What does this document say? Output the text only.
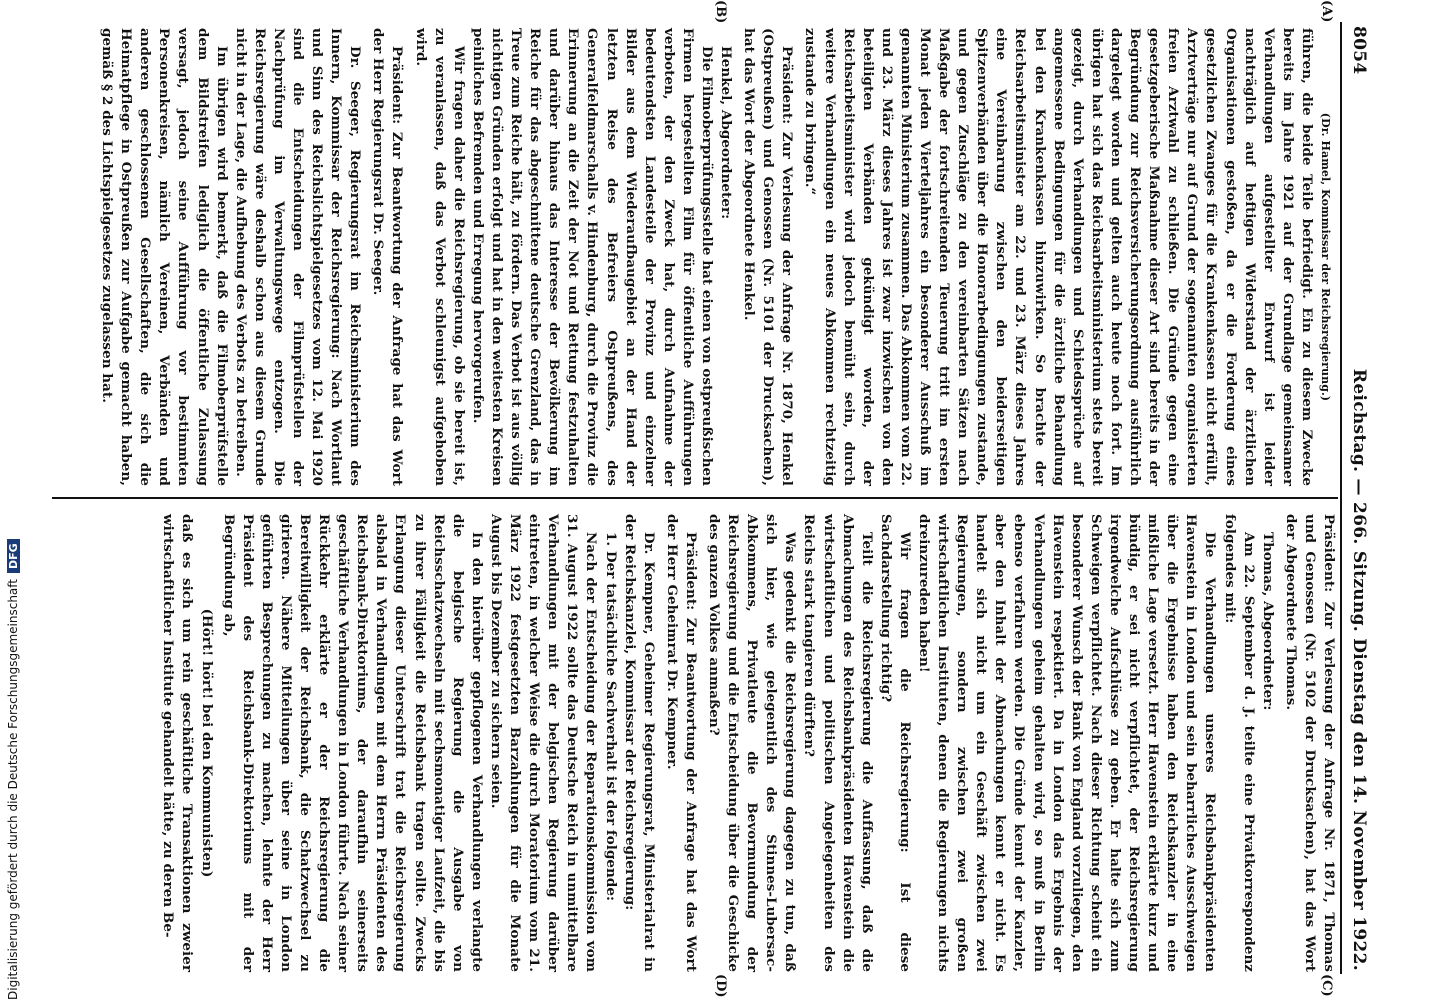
8054
Reichstag. — 266. Sitzung. Dienstag den 14. November 1922.
(A)
(B)
(C)
(D)

(Dr. Hamel, Kommissar der Reichsregierung.)

führen, die beide Teile befriedigt. Ein zu diesem Zwecke bereits im Jahre 1921 auf der Grundlage gemeinsamer Verhandlungen aufgestellter Entwurf ist leider nachträglich auf heftigen Widerstand der ärztlichen Organisationen gestoßen, da er die Forderung eines gesetzlichen Zwanges für die Krankenkassen nicht erfüllt, Arztverträge nur auf Grund der sogenannten organisierten freien Arztwahl zu schließen. Die Gründe gegen eine gesetzgeberische Maßnahme dieser Art sind bereits in der Begründung zur Reichsversicherungsordnung ausführlich dargelegt worden und gelten auch heute noch fort. Im übrigen hat sich das Reichsarbeitsministerium stets bereit gezeigt, durch Verhandlungen und Schiedssprüche auf angemessene Bedingungen für die ärztliche Behandlung bei den Krankenkassen hinzuwirken. So brachte der Reichsarbeitsminister am 22. und 23. März dieses Jahres eine Vereinbarung zwischen den beiderseitigen Spitzenverbänden über die Honorarbedingungen zustande, und gegen Zuschläge zu den vereinbarten Sätzen nach Maßgabe der fortschreitenden Teuerung tritt im ersten Monat jeden Vierteljahres ein besonderer Ausschuß im genannten Ministerium zusammen. Das Abkommen vom 22. und 23. März dieses Jahres ist zwar inzwischen von den beteiligten Verbänden gekündigt worden, der Reichsarbeitsminister wird jedoch bemüht sein, durch weitere Verhandlungen ein neues Abkommen rechtzeitig zustande zu bringen.“

Präsident: Zur Verlesung der Anfrage Nr. 1870, Henkel (Ostpreußen) und Genossen (Nr. 5101 der Drucksachen), hat das Wort der Abgeordnete Henkel.

Henkel, Abgeordneter:

Die Filmoberprüfungsstelle hat einen von ostpreußischen Firmen hergestellten Film für öffentliche Aufführungen verboten, der den Zweck hat, durch Aufnahme der bedeutendsten Landesteile der Provinz und einzelner Bilder aus dem Wiederaufbaugebiet an der Hand der letzten Reise des Befreiers Ostpreußens, des Generalfeldmarschalls v. Hindenburg, durch die Provinz die Erinnerung an die Zeit der Not und Rettung festzuhalten und darüber hinaus das Interesse der Bevölkerung im Reiche für das abgeschnittene deutsche Grenzland, das in Treue zum Reiche hält, zu fördern. Das Verbot ist aus völlig nichtigen Gründen erfolgt und hat in den weitesten Kreisen peinliches Befremden und Erregung hervorgerufen.

Wir fragen daher die Reichsregierung, ob sie bereit ist, zu veranlassen, daß das Verbot schleunigst aufgehoben wird.

Präsident: Zur Beantwortung der Anfrage hat das Wort der Herr Regierungsrat Dr. Seeger.

Dr. Seeger, Regierungsrat im Reichsministerium des Innern, Kommissar der Reichsregierung: Nach Wortlaut und Sinn des Reichslichtspielgesetzes vom 12. Mai 1920 sind die Entscheidungen der Filmprüfstellen der Nachprüfung im Verwaltungswege entzogen. Die Reichsregierung wäre deshalb schon aus diesem Grunde nicht in der Lage, die Aufhebung des Verbots zu betreiben.

Im übrigen wird bemerkt, daß die Filmoberprüfstelle dem Bildstreifen lediglich die öffentliche Zulassung versagt, jedoch seine Aufführung vor bestimmten Personenkreisen, nämlich Vereinen, Verbänden und anderen geschlossenen Gesellschaften, die sich die Heimatpflege in Ostpreußen zur Aufgabe gemacht haben, gemäß § 2 des Lichtspielgesetzes zugelassen hat.

Präsident: Zur Verlesung der Anfrage Nr. 1871, Thomas und Genossen (Nr. 5102 der Drucksachen), hat das Wort der Abgeordnete Thomas.

Thomas, Abgeordneter:

Am 22. September d. J. teilte eine Privatkorrespondenz folgendes mit:

Die Verhandlungen unseres Reichsbankpräsidenten Havenstein in London und sein beharrliches Ausschweigen über die Ergebnisse haben den Reichskanzler in eine mißliche Lage versetzt. Herr Havenstein erklärte kurz und bündig, er sei nicht verpflichtet, der Reichsregierung irgendwelche Aufschlüsse zu geben. Er halte sich zum Schweigen verpflichtet. Nach dieser Richtung scheint ein besonderer Wunsch der Bank von England vorzuliegen, den Havenstein respektiert. Da in London das Ergebnis der Verhandlungen geheim gehalten wird, so muß in Berlin ebenso verfahren werden. Die Gründe kennt der Kanzler, aber den Inhalt der Abmachungen kennt er nicht. Es handelt sich nicht um ein Geschäft zwischen zwei Regierungen, sondern zwischen zwei großen wirtschaftlichen Instituten, denen die Regierungen nichts dreinzureden haben!

Wir fragen die Reichsregierung: Ist diese Sachdarstellung richtig?

Teilt die Reichsregierung die Auffassung, daß die Abmachungen des Reichsbankpräsidenten Havenstein die wirtschaftlichen und politischen Angelegenheiten des Reichs stark tangieren dürften?

Was gedenkt die Reichsregierung dagegen zu tun, daß sich hier, wie gelegentlich des Stinnes-Lubersac-Abkommens, Privatleute die Bevormundung der Reichsregierung und die Entscheidung über die Geschicke des ganzen Volkes anmaßen?

Präsident: Zur Beantwortung der Anfrage hat das Wort der Herr Geheimrat Dr. Kempner.

Dr. Kempner, Geheimer Regierungsrat, Ministerialrat in der Reichskanzlei, Kommissar der Reichsregierung:

1. Der tatsächliche Sachverhalt ist der folgende:

Nach der Entscheidung der Reparationskommission vom 31. August 1922 sollte das Deutsche Reich in unmittelbare Verhandlungen mit der belgischen Regierung darüber eintreten, in welcher Weise die durch Moratorium vom 21. März 1922 festgesetzten Barzahlungen für die Monate August bis Dezember zu sichern seien.

In den hierüber gepflogenen Verhandlungen verlangte die belgische Regierung die Ausgabe von Reichsschatzwechseln mit sechsmonatiger Laufzeit, die bis zu ihrer Fälligkeit die Reichsbank tragen sollte. Zwecks Erlangung dieser Unterschrift trat die Reichsregierung alsbald in Verhandlungen mit dem Herrn Präsidenten des Reichsbank-Direktoriums, der daraufhin seinerseits geschäftliche Verhandlungen in London führte. Nach seiner Rückkehr erklärte er der Reichsregierung die Bereitwilligkeit der Reichsbank, die Schatzwechsel zu girieren. Nähere Mitteilungen über seine in London geführten Besprechungen zu machen, lehnte der Herr Präsident des Reichsbank-Direktoriums mit der Begründung ab,

(Hört! hört! bei den Kommunisten)

daß es sich um rein geschäftliche Transaktionen zweier wirtschaftlicher Institute gehandelt hätte, zu deren Be-

Digitalisierung gefördert durch die Deutsche Forschungsgemeinschaft
DFG
